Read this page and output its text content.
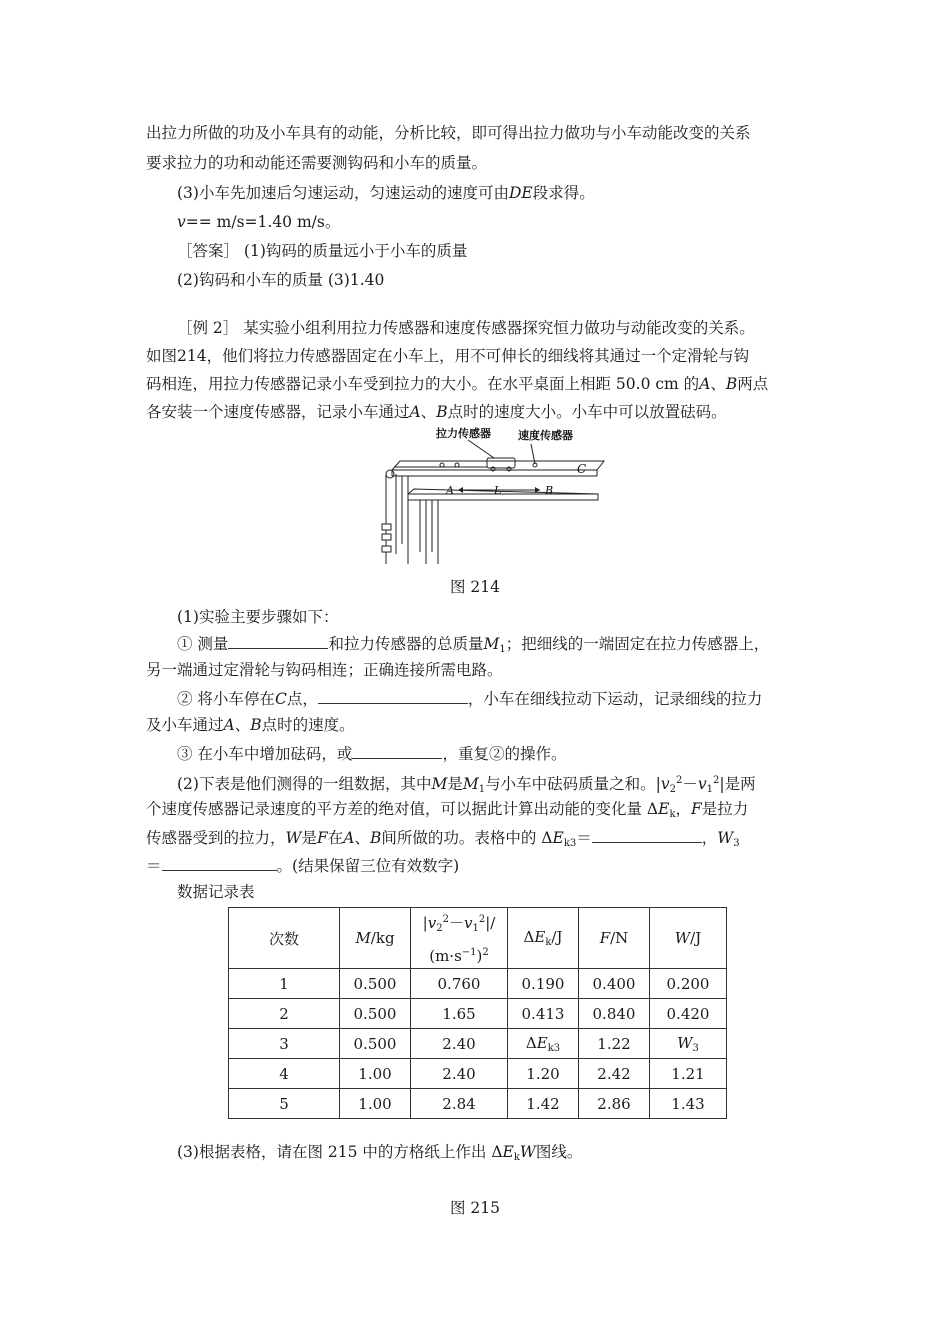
出拉力所做的功及小车具有的动能，分析比较，即可得出拉力做功与小车动能改变的关系
要求拉力的功和动能还需要测钩码和小车的质量。
(3)小车先加速后匀速运动，匀速运动的速度可由DE段求得。
v== m/s=1.40 m/s。
［答案］ (1)钩码的质量远小于小车的质量
(2)钩码和小车的质量 (3)1.40
［例 2］ 某实验小组利用拉力传感器和速度传感器探究恒力做功与动能改变的关系。
如图214，他们将拉力传感器固定在小车上，用不可伸长的细线将其通过一个定滑轮与钩
码相连，用拉力传感器记录小车受到拉力的大小。在水平桌面上相距 50.0 cm 的A、B两点
各安装一个速度传感器，记录小车通过A、B点时的速度大小。小车中可以放置砝码。
拉力传感器 速度传感器
C
A	L	B
图 214
(1)实验主要步骤如下：
① 测量	和拉力传感器的总质量$M_1$；把细线的一端固定在拉力传感器上，
另一端通过定滑轮与钩码相连；正确连接所需电路。
② 将小车停在C点，	，小车在细线拉动下运动，记录细线的拉力
及小车通过A、B点时的速度。
③ 在小车中增加砝码，或	，重复②的操作。
(2)下表是他们测得的一组数据，其中M是$M_1$与小车中砝码质量之和。$|v_2^2-v_1^2|$是两
个速度传感器记录速度的平方差的绝对值，可以据此计算出动能的变化量 $\Delta E_k$，F是拉力
传感器受到的拉力，W是F在A、B间所做的功。表格中的 $\Delta E_{k3}=$	，$W_3$
＝	。(结果保留三位有效数字)
数据记录表
次数	M/kg	$|v_2^2-v_1^2|/$
$(m\cdot s^{-1})^2$	$\Delta E_k/J$	F/N	W/J
1	0.500	0.760	0.190	0.400	0.200
2	0.500	1.65	0.413	0.840	0.420
3	0.500	2.40	$\Delta E_{k3}$	1.22	$W_3$
4	1.00	2.40	1.20	2.42	1.21
5	1.00	2.84	1.42	2.86	1.43
(3)根据表格，请在图 215 中的方格纸上作出 $\Delta E_kW$图线。
图 215
